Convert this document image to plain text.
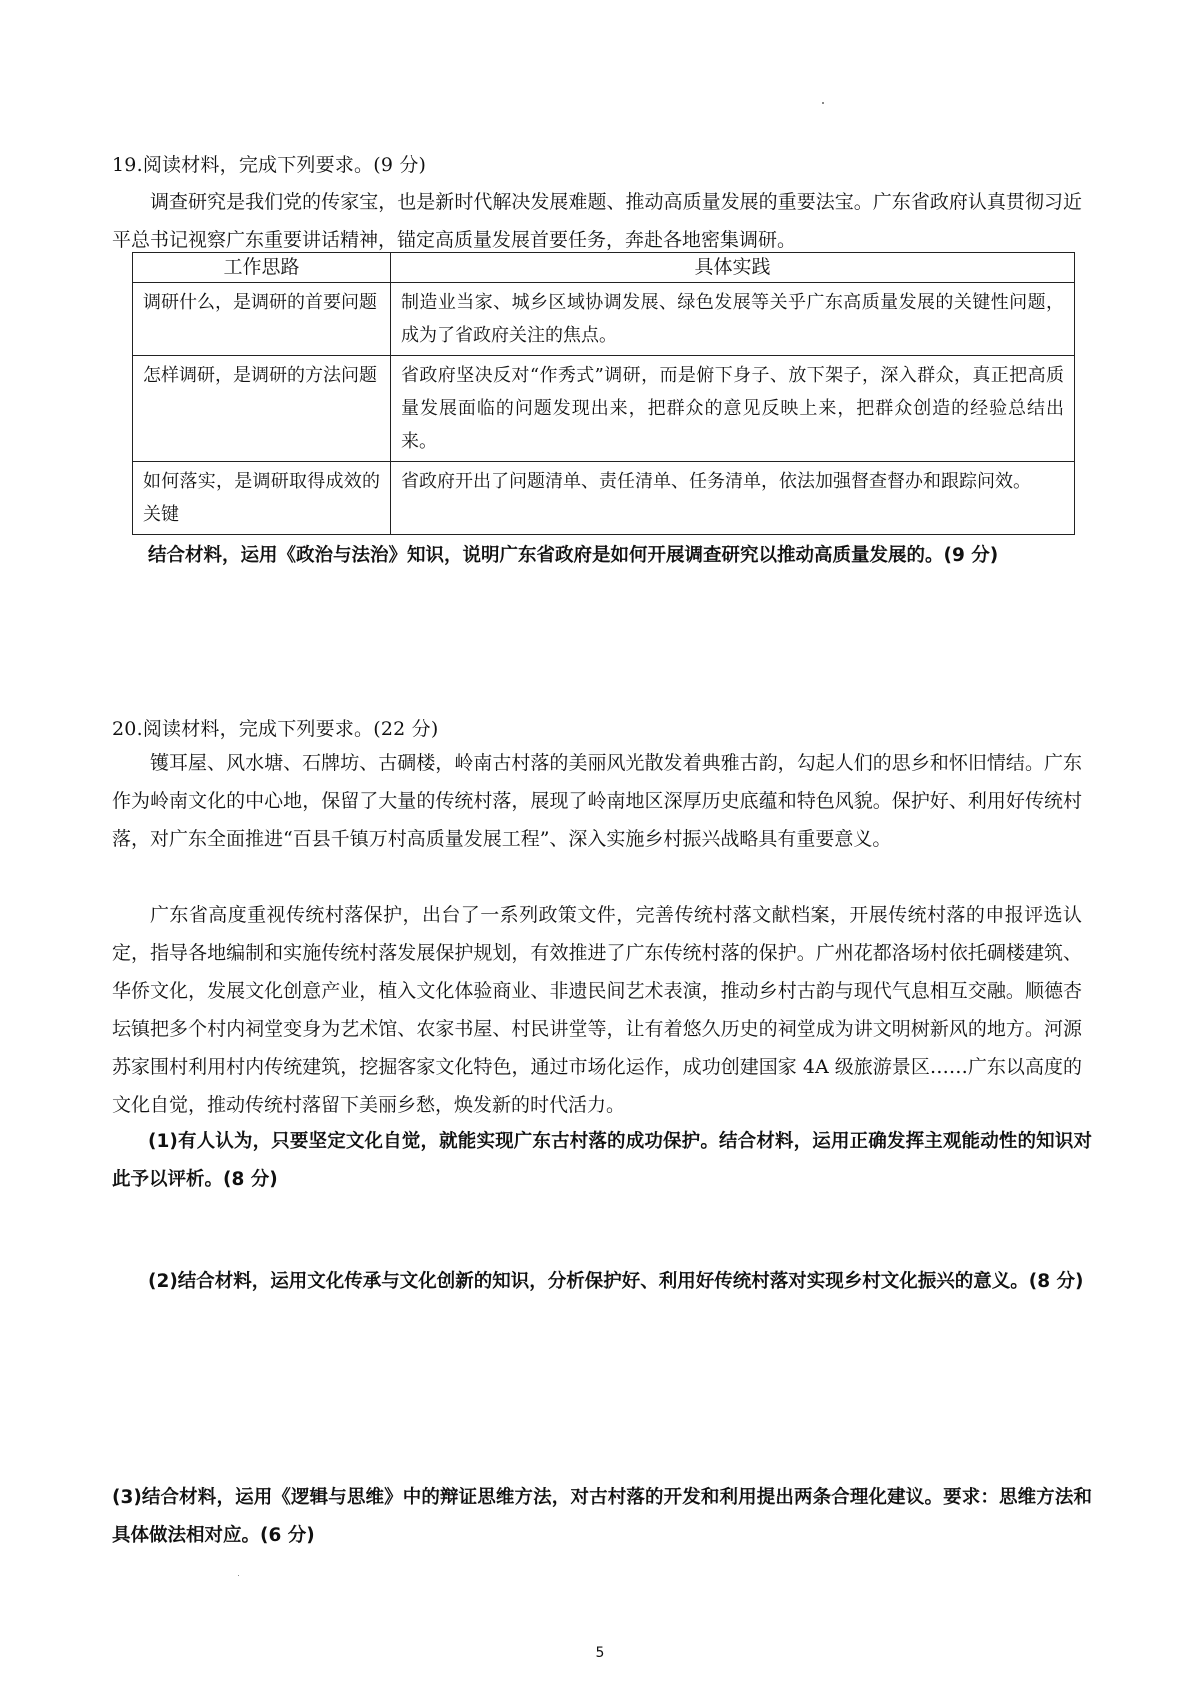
19.阅读材料，完成下列要求。(9 分)

调查研究是我们党的传家宝，也是新时代解决发展难题、推动高质量发展的重要法宝。广东省政府认真贯彻习近平总书记视察广东重要讲话精神，锚定高质量发展首要任务，奔赴各地密集调研。

工作思路	具体实践
调研什么，是调研的首要问题	制造业当家、城乡区域协调发展、绿色发展等关乎广东高质量发展的关键性问题，成为了省政府关注的焦点。
怎样调研，是调研的方法问题	省政府坚决反对“作秀式”调研，而是俯下身子、放下架子，深入群众，真正把高质量发展面临的问题发现出来，把群众的意见反映上来，把群众创造的经验总结出来。
如何落实，是调研取得成效的关键	省政府开出了问题清单、责任清单、任务清单，依法加强督查督办和跟踪问效。

结合材料，运用《政治与法治》知识，说明广东省政府是如何开展调查研究以推动高质量发展的。(9 分)

20.阅读材料，完成下列要求。(22 分)

镬耳屋、风水塘、石牌坊、古碉楼，岭南古村落的美丽风光散发着典雅古韵，勾起人们的思乡和怀旧情结。广东作为岭南文化的中心地，保留了大量的传统村落，展现了岭南地区深厚历史底蕴和特色风貌。保护好、利用好传统村落，对广东全面推进“百县千镇万村高质量发展工程”、深入实施乡村振兴战略具有重要意义。

广东省高度重视传统村落保护，出台了一系列政策文件，完善传统村落文献档案，开展传统村落的申报评选认定，指导各地编制和实施传统村落发展保护规划，有效推进了广东传统村落的保护。广州花都洛场村依托碉楼建筑、华侨文化，发展文化创意产业，植入文化体验商业、非遗民间艺术表演，推动乡村古韵与现代气息相互交融。顺德杏坛镇把多个村内祠堂变身为艺术馆、农家书屋、村民讲堂等，让有着悠久历史的祠堂成为讲文明树新风的地方。河源苏家围村利用村内传统建筑，挖掘客家文化特色，通过市场化运作，成功创建国家 4A 级旅游景区……广东以高度的文化自觉，推动传统村落留下美丽乡愁，焕发新的时代活力。

(1)有人认为，只要坚定文化自觉，就能实现广东古村落的成功保护。结合材料，运用正确发挥主观能动性的知识对此予以评析。(8 分)

(2)结合材料，运用文化传承与文化创新的知识，分析保护好、利用好传统村落对实现乡村文化振兴的意义。(8 分)

(3)结合材料，运用《逻辑与思维》中的辩证思维方法，对古村落的开发和利用提出两条合理化建议。要求：思维方法和具体做法相对应。(6 分)

5
